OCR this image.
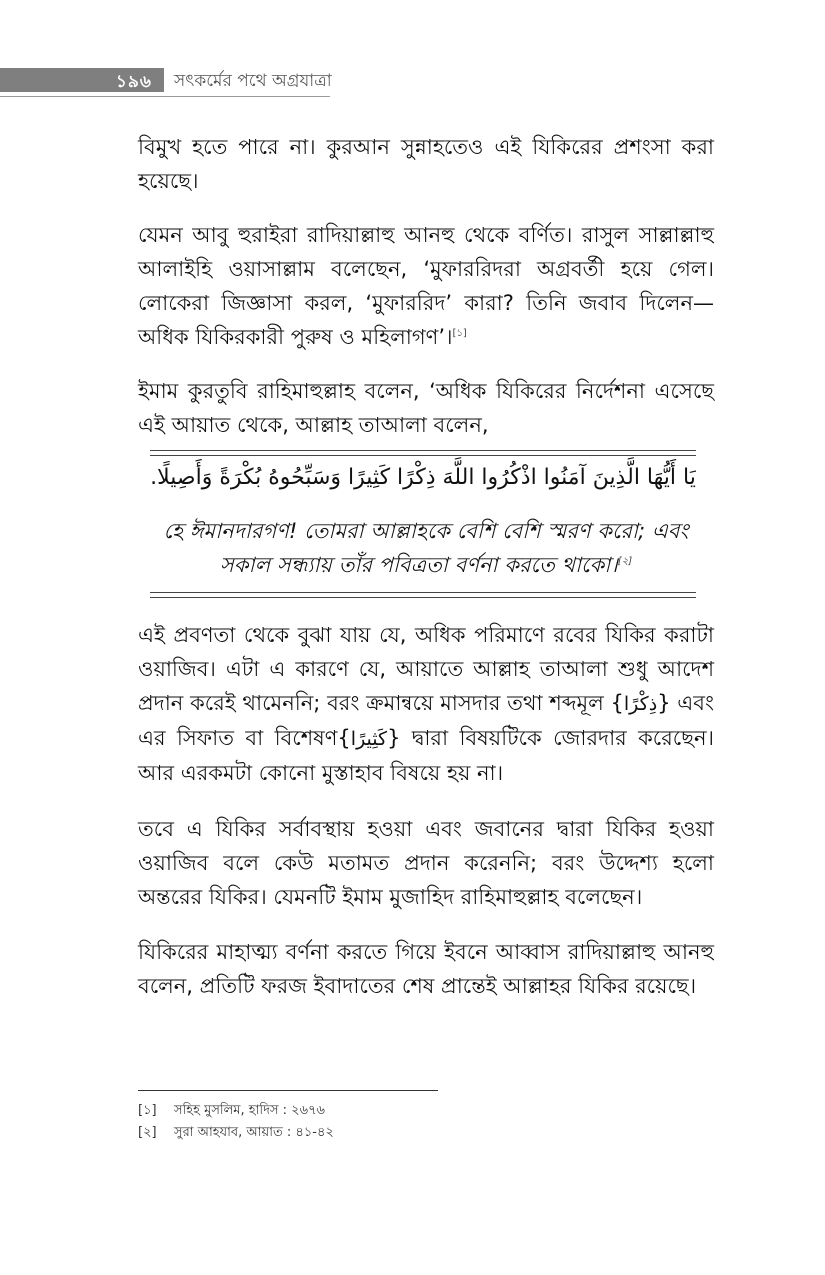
১৯৬ সৎকর্মের পথে অগ্রযাত্রা

বিমুখ হতে পারে না। কুরআন সুন্নাহতেও এই যিকিরের প্রশংসা করা হয়েছে।

যেমন আবু হুরাইরা রাদিয়াল্লাহু আনহু থেকে বর্ণিত। রাসুল সাল্লাল্লাহু আলাইহি ওয়াসাল্লাম বলেছেন, ‘মুফাররিদরা অগ্রবর্তী হয়ে গেল। লোকেরা জিজ্ঞাসা করল, ‘মুফাররিদ’ কারা? তিনি জবাব দিলেন— অধিক যিকিরকারী পুরুষ ও মহিলাগণ’।[১]

ইমাম কুরতুবি রাহিমাহুল্লাহ বলেন, ‘অধিক যিকিরের নির্দেশনা এসেছে এই আয়াত থেকে, আল্লাহ তাআলা বলেন,

يَا أَيُّهَا الَّذِينَ آمَنُوا اذْكُرُوا اللَّهَ ذِكْرًا كَثِيرًا وَسَبِّحُوهُ بُكْرَةً وَأَصِيلًا.

হে ঈমানদারগণ! তোমরা আল্লাহকে বেশি বেশি স্মরণ করো; এবং সকাল সন্ধ্যায় তাঁর পবিত্রতা বর্ণনা করতে থাকো।[২]

এই প্রবণতা থেকে বুঝা যায় যে, অধিক পরিমাণে রবের যিকির করাটা ওয়াজিব। এটা এ কারণে যে, আয়াতে আল্লাহ তাআলা শুধু আদেশ প্রদান করেই থামেননি; বরং ক্রমান্বয়ে মাসদার তথা শব্দমূল {ذِكْرًا} এবং এর সিফাত বা বিশেষণ{كَثِيرًا} দ্বারা বিষয়টিকে জোরদার করেছেন। আর এরকমটা কোনো মুস্তাহাব বিষয়ে হয় না।

তবে এ যিকির সর্বাবস্থায় হওয়া এবং জবানের দ্বারা যিকির হওয়া ওয়াজিব বলে কেউ মতামত প্রদান করেননি; বরং উদ্দেশ্য হলো অন্তরের যিকির। যেমনটি ইমাম মুজাহিদ রাহিমাহুল্লাহ বলেছেন।

যিকিরের মাহাত্ম্য বর্ণনা করতে গিয়ে ইবনে আব্বাস রাদিয়াল্লাহু আনহু বলেন, প্রতিটি ফরজ ইবাদাতের শেষ প্রান্তেই আল্লাহর যিকির রয়েছে।

[১]	সহিহ মুসলিম, হাদিস : ২৬৭৬
[২]	সুরা আহযাব, আয়াত : ৪১-৪২
